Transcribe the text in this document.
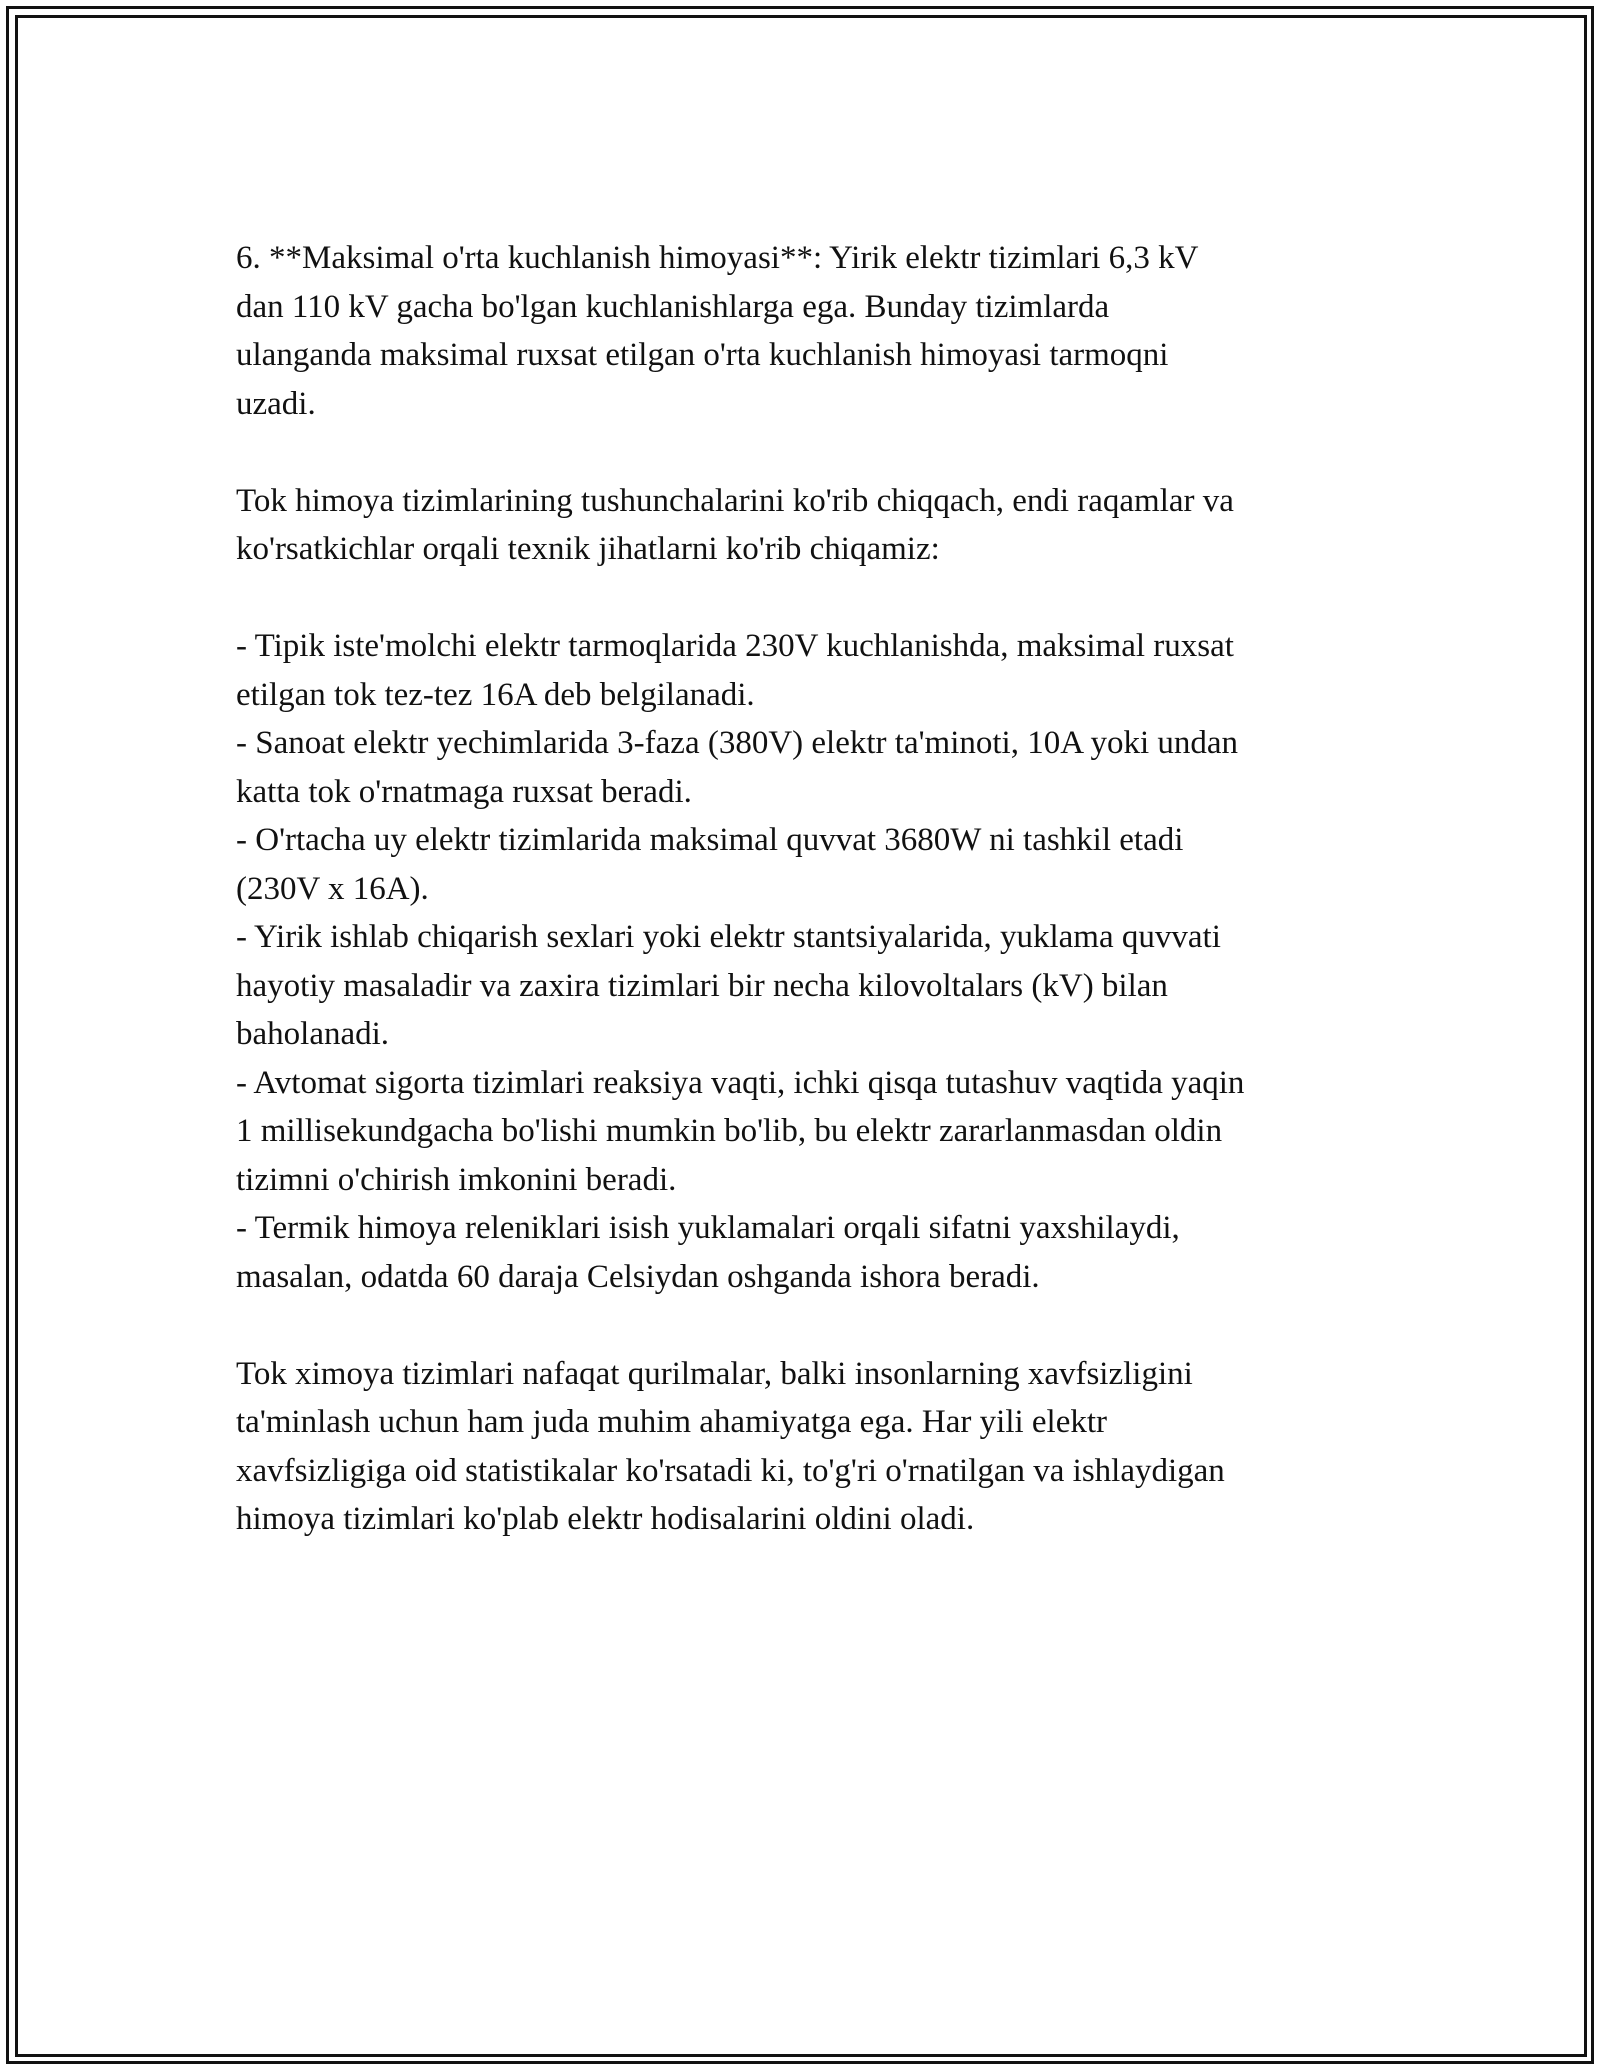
6. **Maksimal o'rta kuchlanish himoyasi**: Yirik elektr tizimlari 6,3 kV

dan 110 kV gacha bo'lgan kuchlanishlarga ega. Bunday tizimlarda

ulanganda maksimal ruxsat etilgan o'rta kuchlanish himoyasi tarmoqni

uzadi.

Tok himoya tizimlarining tushunchalarini ko'rib chiqqach, endi raqamlar va

ko'rsatkichlar orqali texnik jihatlarni ko'rib chiqamiz:

- Tipik iste'molchi elektr tarmoqlarida 230V kuchlanishda, maksimal ruxsat

etilgan tok tez-tez 16A deb belgilanadi.

- Sanoat elektr yechimlarida 3-faza (380V) elektr ta'minoti, 10A yoki undan

katta tok o'rnatmaga ruxsat beradi.

- O'rtacha uy elektr tizimlarida maksimal quvvat 3680W ni tashkil etadi

(230V x 16A).

- Yirik ishlab chiqarish sexlari yoki elektr stantsiyalarida, yuklama quvvati

hayotiy masaladir va zaxira tizimlari bir necha kilovoltalars (kV) bilan

baholanadi.

- Avtomat sigorta tizimlari reaksiya vaqti, ichki qisqa tutashuv vaqtida yaqin

1 millisekundgacha bo'lishi mumkin bo'lib, bu elektr zararlanmasdan oldin

tizimni o'chirish imkonini beradi.

- Termik himoya releniklari isish yuklamalari orqali sifatni yaxshilaydi,

masalan, odatda 60 daraja Celsiydan oshganda ishora beradi.

Tok ximoya tizimlari nafaqat qurilmalar, balki insonlarning xavfsizligini

ta'minlash uchun ham juda muhim ahamiyatga ega. Har yili elektr

xavfsizligiga oid statistikalar ko'rsatadi ki, to'g'ri o'rnatilgan va ishlaydigan

himoya tizimlari ko'plab elektr hodisalarini oldini oladi.
